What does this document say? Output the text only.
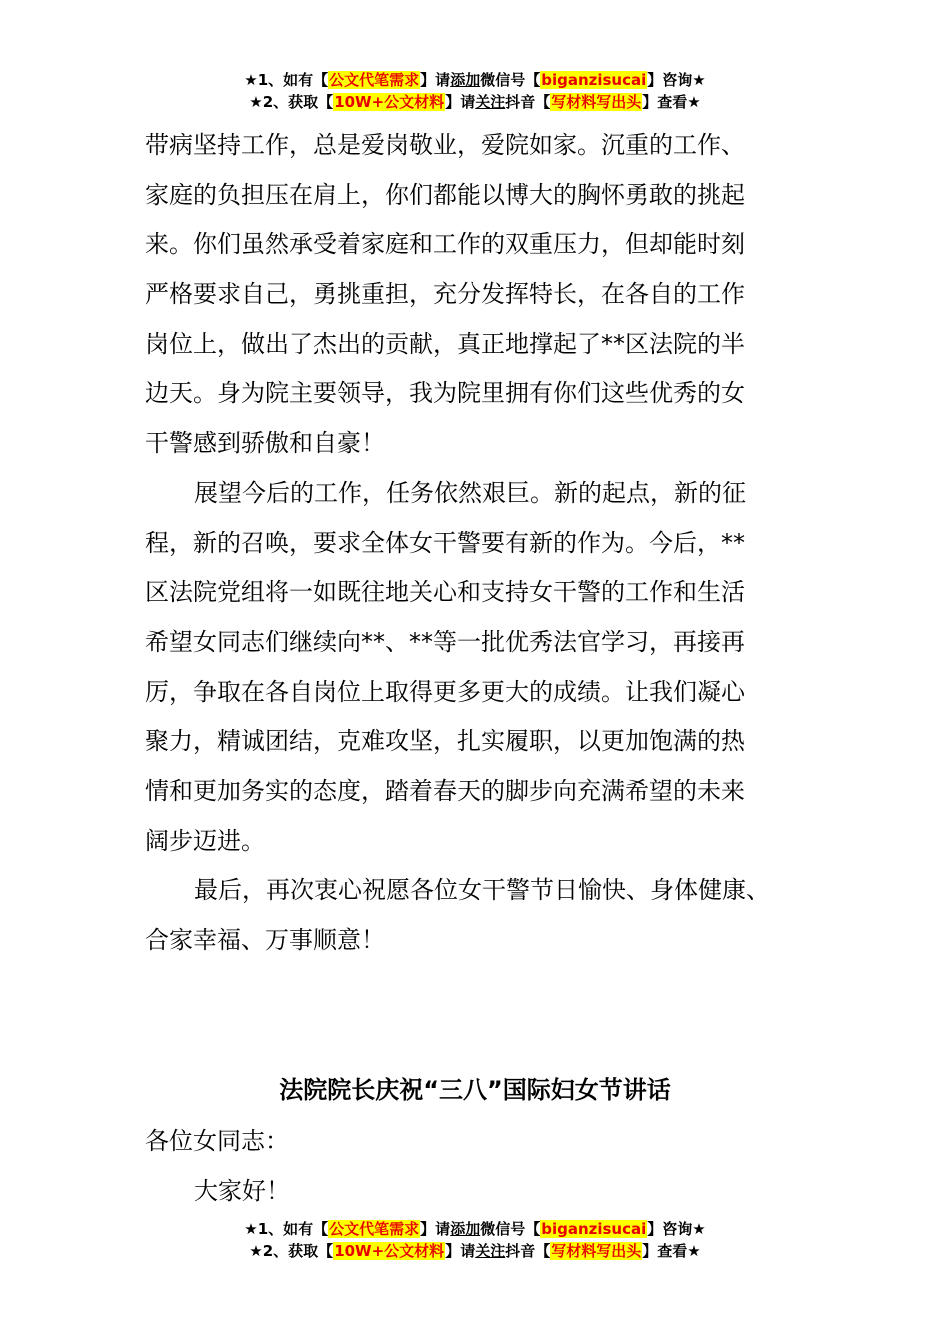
★1、如有【公文代笔需求】请添加微信号【biganzisucai】咨询★
★2、获取【10W+公文材料】请关注抖音【写材料写出头】查看★
带病坚持工作，总是爱岗敬业，爱院如家。沉重的工作、
家庭的负担压在肩上，你们都能以博大的胸怀勇敢的挑起
来。你们虽然承受着家庭和工作的双重压力，但却能时刻
严格要求自己，勇挑重担，充分发挥特长，在各自的工作
岗位上，做出了杰出的贡献，真正地撑起了**区法院的半
边天。身为院主要领导，我为院里拥有你们这些优秀的女
干警感到骄傲和自豪！
展望今后的工作，任务依然艰巨。新的起点，新的征
程，新的召唤，要求全体女干警要有新的作为。今后，**
区法院党组将一如既往地关心和支持女干警的工作和生活
希望女同志们继续向**、**等一批优秀法官学习，再接再
厉，争取在各自岗位上取得更多更大的成绩。让我们凝心
聚力，精诚团结，克难攻坚，扎实履职，以更加饱满的热
情和更加务实的态度，踏着春天的脚步向充满希望的未来
阔步迈进。
最后，再次衷心祝愿各位女干警节日愉快、身体健康、
合家幸福、万事顺意！
法院院长庆祝“三八”国际妇女节讲话
各位女同志：
大家好！
★1、如有【公文代笔需求】请添加微信号【biganzisucai】咨询★
★2、获取【10W+公文材料】请关注抖音【写材料写出头】查看★
